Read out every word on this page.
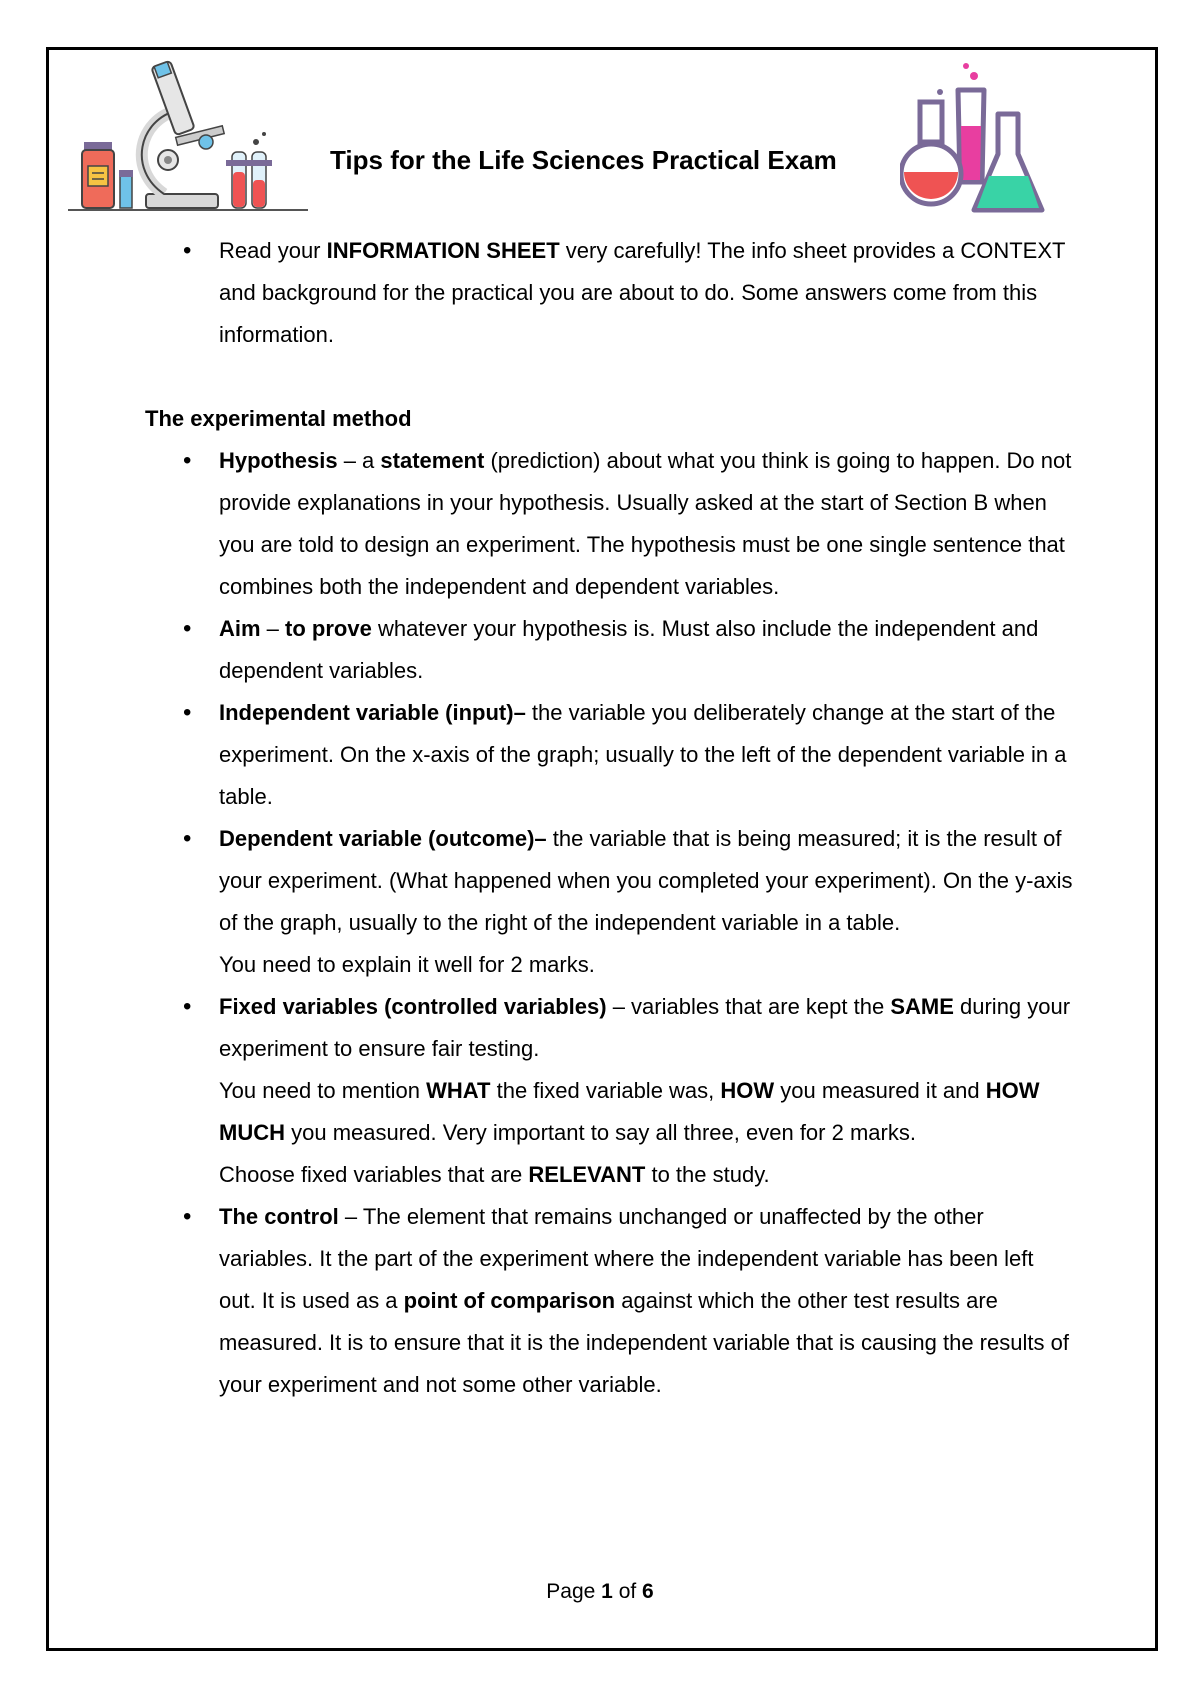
Tips for the Life Sciences Practical Exam
• Read your INFORMATION SHEET very carefully! The info sheet provides a CONTEXT and background for the practical you are about to do. Some answers come from this information.
The experimental method
• Hypothesis – a statement (prediction) about what you think is going to happen. Do not provide explanations in your hypothesis. Usually asked at the start of Section B when you are told to design an experiment. The hypothesis must be one single sentence that combines both the independent and dependent variables.
• Aim – to prove whatever your hypothesis is. Must also include the independent and dependent variables.
• Independent variable (input)– the variable you deliberately change at the start of the experiment. On the x-axis of the graph; usually to the left of the dependent variable in a table.
• Dependent variable (outcome)– the variable that is being measured; it is the result of your experiment. (What happened when you completed your experiment). On the y-axis of the graph, usually to the right of the independent variable in a table.
You need to explain it well for 2 marks.
• Fixed variables (controlled variables) – variables that are kept the SAME during your experiment to ensure fair testing.
You need to mention WHAT the fixed variable was, HOW you measured it and HOW MUCH you measured. Very important to say all three, even for 2 marks.
Choose fixed variables that are RELEVANT to the study.
• The control – The element that remains unchanged or unaffected by the other variables. It the part of the experiment where the independent variable has been left out. It is used as a point of comparison against which the other test results are measured. It is to ensure that it is the independent variable that is causing the results of your experiment and not some other variable.
Page 1 of 6
